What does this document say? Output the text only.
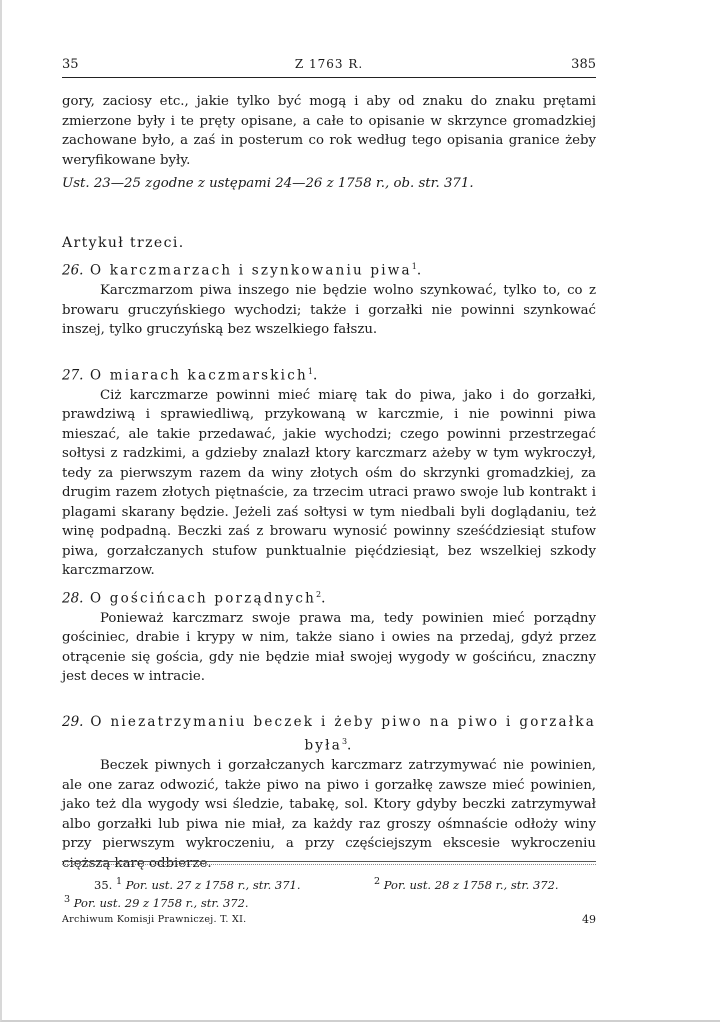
35	Z 1763 R.	385

gory, zaciosy etc., jakie tylko być mogą i aby od znaku do znaku prętami zmierzone były i te pręty opisane, a całe to opisanie w skrzynce gromadzkiej zachowane było, a zaś in posterum co rok według tego opisania granice żeby weryfikowane były.

Ust. 23—25 zgodne z ustępami 24—26 z 1758 r., ob. str. 371.

Artykuł trzeci.

26. O karczmarzach i szynkowaniu piwa$^1$.

Karczmarzom piwa inszego nie będzie wolno szynkować, tylko to, co z browaru gruczyńskiego wychodzi; także i gorzałki nie powinni szynkować inszej, tylko gruczyńską bez wszelkiego fałszu.

27. O miarach kaczmarskich$^1$.

Ciż karczmarze powinni mieć miarę tak do piwa, jako i do gorzałki, prawdziwą i sprawiedliwą, przykowaną w karczmie, i nie powinni piwa mieszać, ale takie przedawać, jakie wychodzi; czego powinni przestrzegać sołtysi z radzkimi, a gdzieby znalazł ktory karczmarz ażeby w tym wykroczył, tedy za pierwszym razem da winy złotych ośm do skrzynki gromadzkiej, za drugim razem złotych piętnaście, za trzecim utraci prawo swoje lub kontrakt i plagami skarany będzie. Jeżeli zaś sołtysi w tym niedbali byli doglądaniu, też winę podpadną. Beczki zaś z browaru wynosić powinny sześćdziesiąt stufow piwa, gorzałczanych stufow punktualnie pięćdziesiąt, bez wszelkiej szkody karczmarzow.

28. O gościńcach porządnych$^2$.

Ponieważ karczmarz swoje prawa ma, tedy powinien mieć porządny gościniec, drabie i krypy w nim, także siano i owies na przedaj, gdyż przez otrącenie się gościa, gdy nie będzie miał swojej wygody w gościńcu, znaczny jest deces w intracie.

29. O niezatrzymaniu beczek i żeby piwo na piwo i gorzałka była$^3$.

Beczek piwnych i gorzałczanych karczmarz zatrzymywać nie powinien, ale one zaraz odwozić, także piwo na piwo i gorzałkę zawsze mieć powinien, jako też dla wygody wsi śledzie, tabakę, sol. Ktory gdyby beczki zatrzymywał albo gorzałki lub piwa nie miał, za każdy raz groszy ośmnaście odłoży winy przy pierwszym wykroczeniu, a przy częściejszym ekscesie wykroczeniu cięższą karę odbierze.

35. $^1$ Por. ust. 27 z 1758 r., str. 371.	$^2$ Por. ust. 28 z 1758 r., str. 372.
$^3$ Por. ust. 29 z 1758 r., str. 372.
Archiwum Komisji Prawniczej. T. XI.	49
